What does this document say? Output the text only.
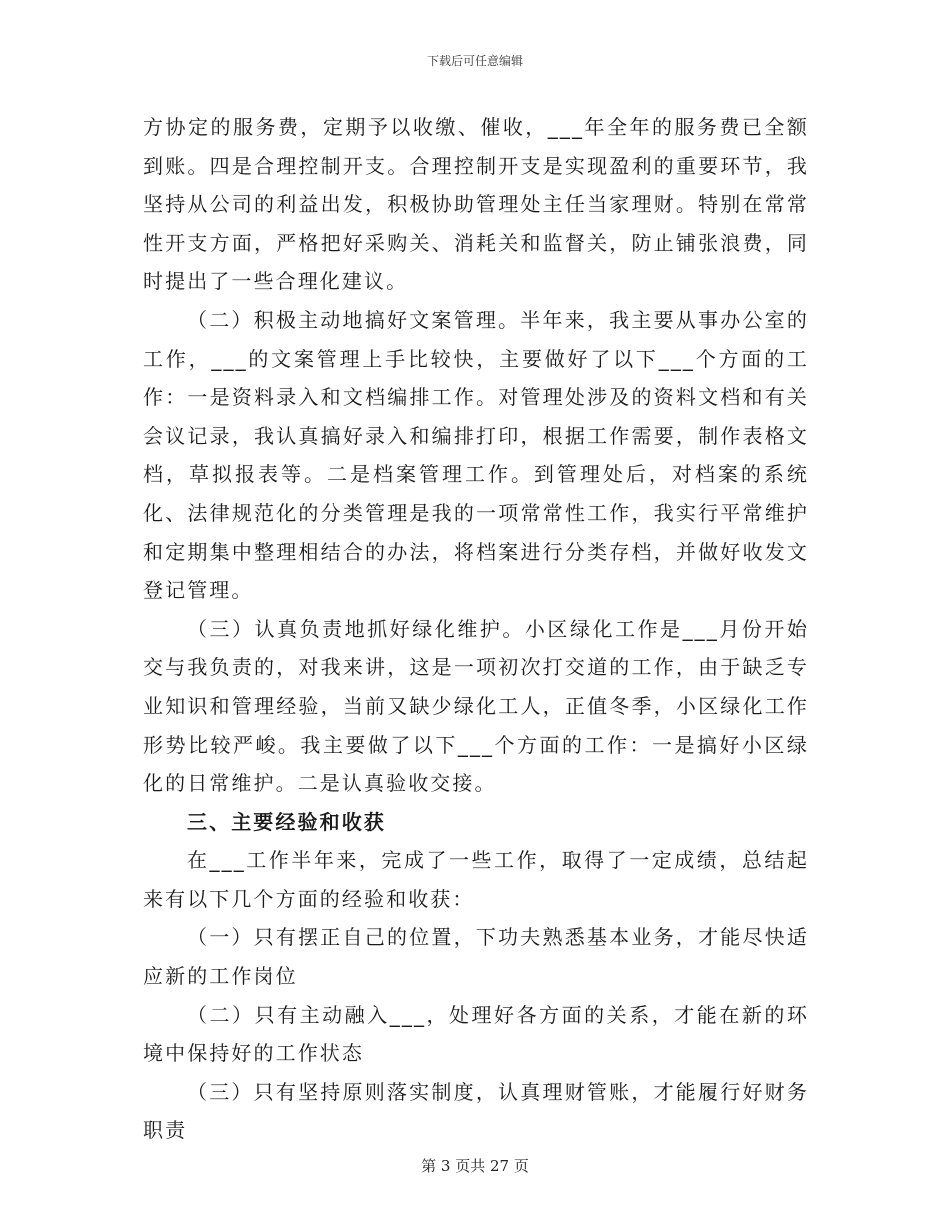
下载后可任意编辑

方协定的服务费，定期予以收缴、催收，___年全年的服务费已全额到账。四是合理控制开支。合理控制开支是实现盈利的重要环节，我坚持从公司的利益出发，积极协助管理处主任当家理财。特别在常常性开支方面，严格把好采购关、消耗关和监督关，防止铺张浪费，同时提出了一些合理化建议。

（二）积极主动地搞好文案管理。半年来，我主要从事办公室的工作，___的文案管理上手比较快，主要做好了以下___个方面的工作：一是资料录入和文档编排工作。对管理处涉及的资料文档和有关会议记录，我认真搞好录入和编排打印，根据工作需要，制作表格文档，草拟报表等。二是档案管理工作。到管理处后，对档案的系统化、法律规范化的分类管理是我的一项常常性工作，我实行平常维护和定期集中整理相结合的办法，将档案进行分类存档，并做好收发文登记管理。

（三）认真负责地抓好绿化维护。小区绿化工作是___月份开始交与我负责的，对我来讲，这是一项初次打交道的工作，由于缺乏专业知识和管理经验，当前又缺少绿化工人，正值冬季，小区绿化工作形势比较严峻。我主要做了以下___个方面的工作：一是搞好小区绿化的日常维护。二是认真验收交接。

三、主要经验和收获

在___工作半年来，完成了一些工作，取得了一定成绩，总结起来有以下几个方面的经验和收获：

（一）只有摆正自己的位置，下功夫熟悉基本业务，才能尽快适应新的工作岗位

（二）只有主动融入___，处理好各方面的关系，才能在新的环境中保持好的工作状态

（三）只有坚持原则落实制度，认真理财管账，才能履行好财务职责

第 3 页共 27 页
